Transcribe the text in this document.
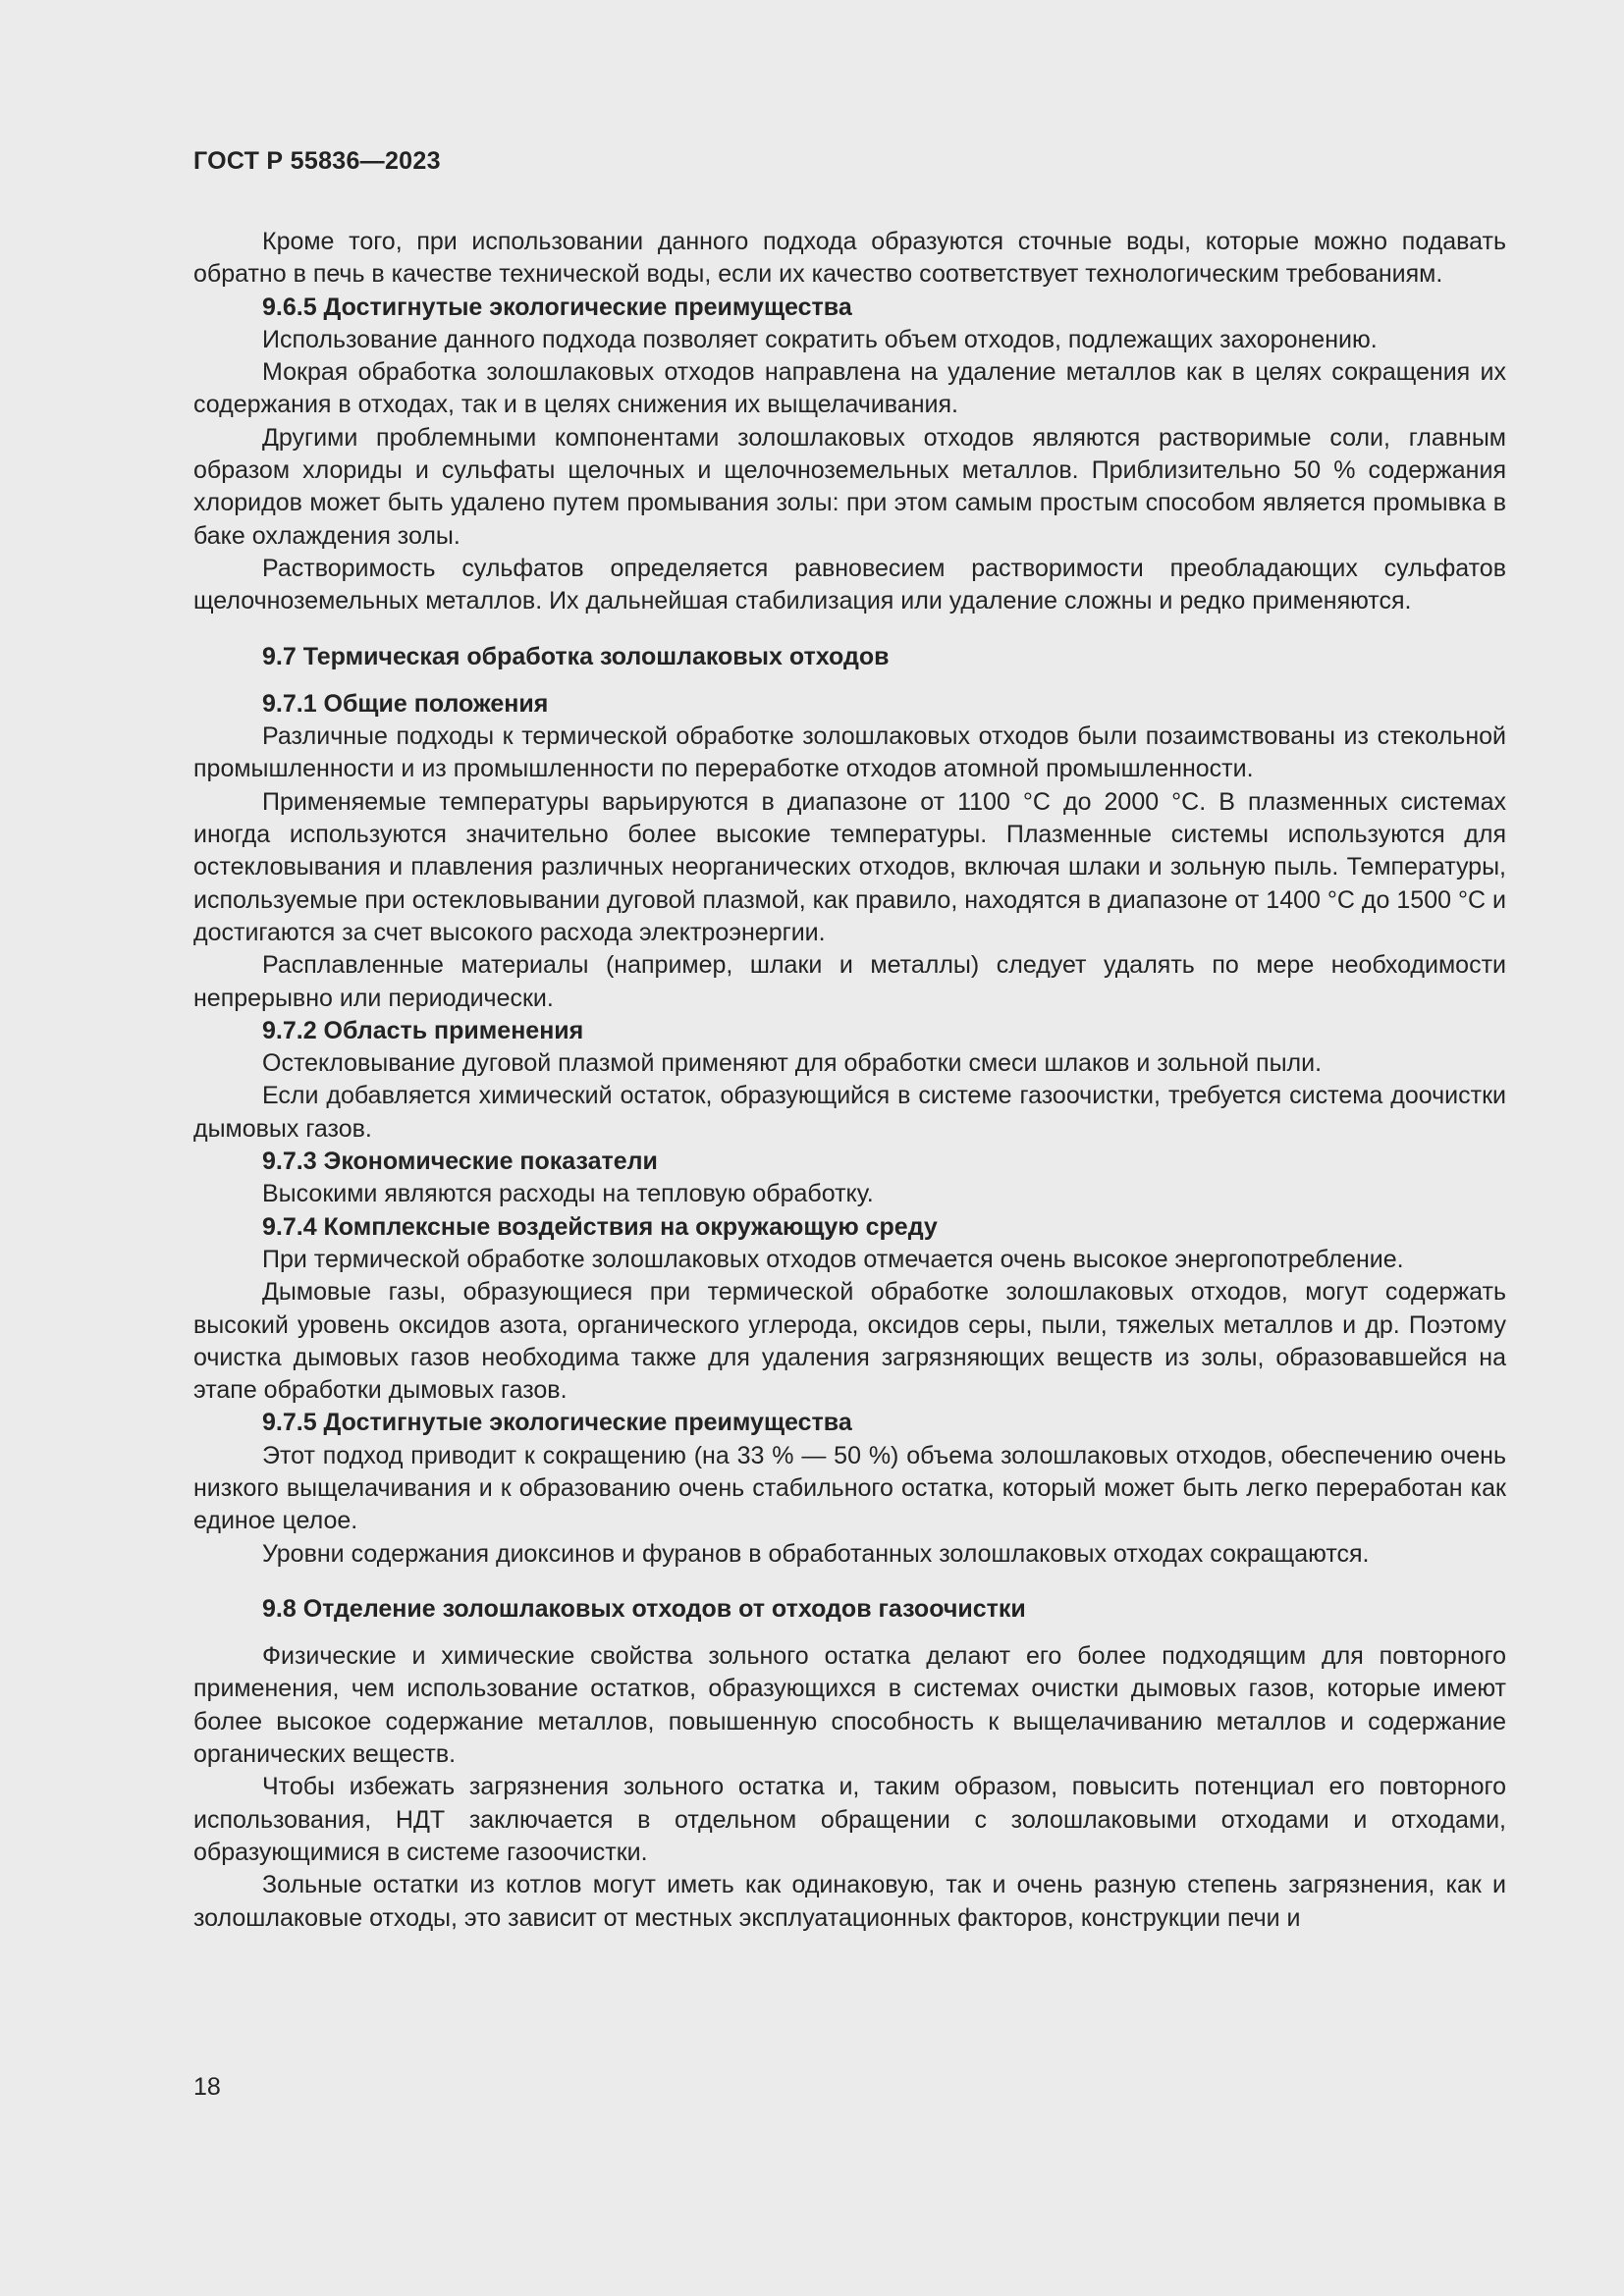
ГОСТ Р 55836—2023

Кроме того, при использовании данного подхода образуются сточные воды, которые можно подавать обратно в печь в качестве технической воды, если их качество соответствует технологическим требованиям.

9.6.5 Достигнутые экологические преимущества

Использование данного подхода позволяет сократить объем отходов, подлежащих захоронению.

Мокрая обработка золошлаковых отходов направлена на удаление металлов как в целях сокращения их содержания в отходах, так и в целях снижения их выщелачивания.

Другими проблемными компонентами золошлаковых отходов являются растворимые соли, главным образом хлориды и сульфаты щелочных и щелочноземельных металлов. Приблизительно 50 % содержания хлоридов может быть удалено путем промывания золы: при этом самым простым способом является промывка в баке охлаждения золы.

Растворимость сульфатов определяется равновесием растворимости преобладающих сульфатов щелочноземельных металлов. Их дальнейшая стабилизация или удаление сложны и редко применяются.

9.7 Термическая обработка золошлаковых отходов
9.7.1 Общие положения

Различные подходы к термической обработке золошлаковых отходов были позаимствованы из стекольной промышленности и из промышленности по переработке отходов атомной промышленности.

Применяемые температуры варьируются в диапазоне от 1100 °C до 2000 °C. В плазменных системах иногда используются значительно более высокие температуры. Плазменные системы используются для остекловывания и плавления различных неорганических отходов, включая шлаки и зольную пыль. Температуры, используемые при остекловывании дуговой плазмой, как правило, находятся в диапазоне от 1400 °C до 1500 °C и достигаются за счет высокого расхода электроэнергии.

Расплавленные материалы (например, шлаки и металлы) следует удалять по мере необходимости непрерывно или периодически.

9.7.2 Область применения

Остекловывание дуговой плазмой применяют для обработки смеси шлаков и зольной пыли.

Если добавляется химический остаток, образующийся в системе газоочистки, требуется система доочистки дымовых газов.

9.7.3 Экономические показатели

Высокими являются расходы на тепловую обработку.

9.7.4 Комплексные воздействия на окружающую среду

При термической обработке золошлаковых отходов отмечается очень высокое энергопотребление.

Дымовые газы, образующиеся при термической обработке золошлаковых отходов, могут содержать высокий уровень оксидов азота, органического углерода, оксидов серы, пыли, тяжелых металлов и др. Поэтому очистка дымовых газов необходима также для удаления загрязняющих веществ из золы, образовавшейся на этапе обработки дымовых газов.

9.7.5 Достигнутые экологические преимущества

Этот подход приводит к сокращению (на 33 % — 50 %) объема золошлаковых отходов, обеспечению очень низкого выщелачивания и к образованию очень стабильного остатка, который может быть легко переработан как единое целое.

Уровни содержания диоксинов и фуранов в обработанных золошлаковых отходах сокращаются.

9.8 Отделение золошлаковых отходов от отходов газоочистки

Физические и химические свойства зольного остатка делают его более подходящим для повторного применения, чем использование остатков, образующихся в системах очистки дымовых газов, которые имеют более высокое содержание металлов, повышенную способность к выщелачиванию металлов и содержание органических веществ.

Чтобы избежать загрязнения зольного остатка и, таким образом, повысить потенциал его повторного использования, НДТ заключается в отдельном обращении с золошлаковыми отходами и отходами, образующимися в системе газоочистки.

Зольные остатки из котлов могут иметь как одинаковую, так и очень разную степень загрязнения, как и золошлаковые отходы, это зависит от местных эксплуатационных факторов, конструкции печи и

18
